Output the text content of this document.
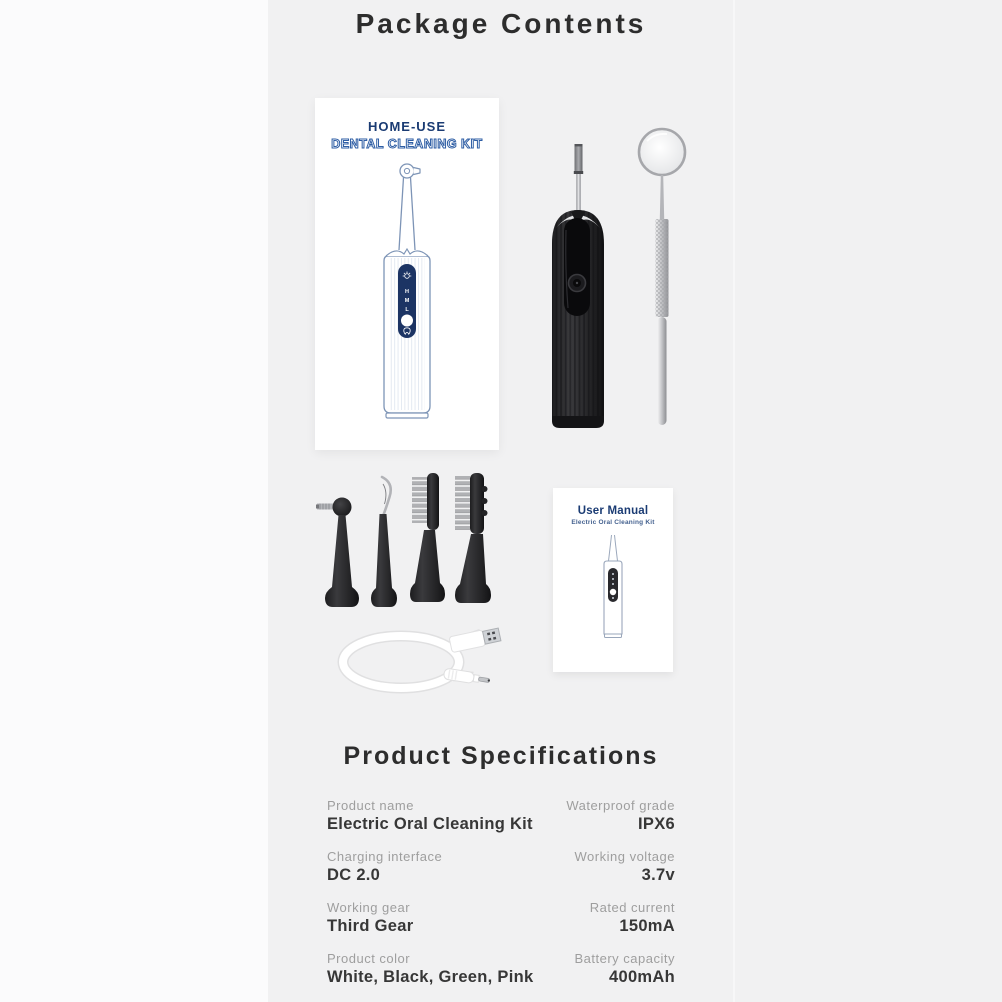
Package Contents
HOME-USE
DENTAL CLEANING KIT
H
M
L
User Manual
Electric Oral Cleaning Kit
Product Specifications
Product name
Electric Oral Cleaning Kit
Waterproof grade
IPX6
Charging interface
DC 2.0
Working voltage
3.7v
Working gear
Third Gear
Rated current
150mA
Product color
White, Black, Green, Pink
Battery capacity
400mAh
